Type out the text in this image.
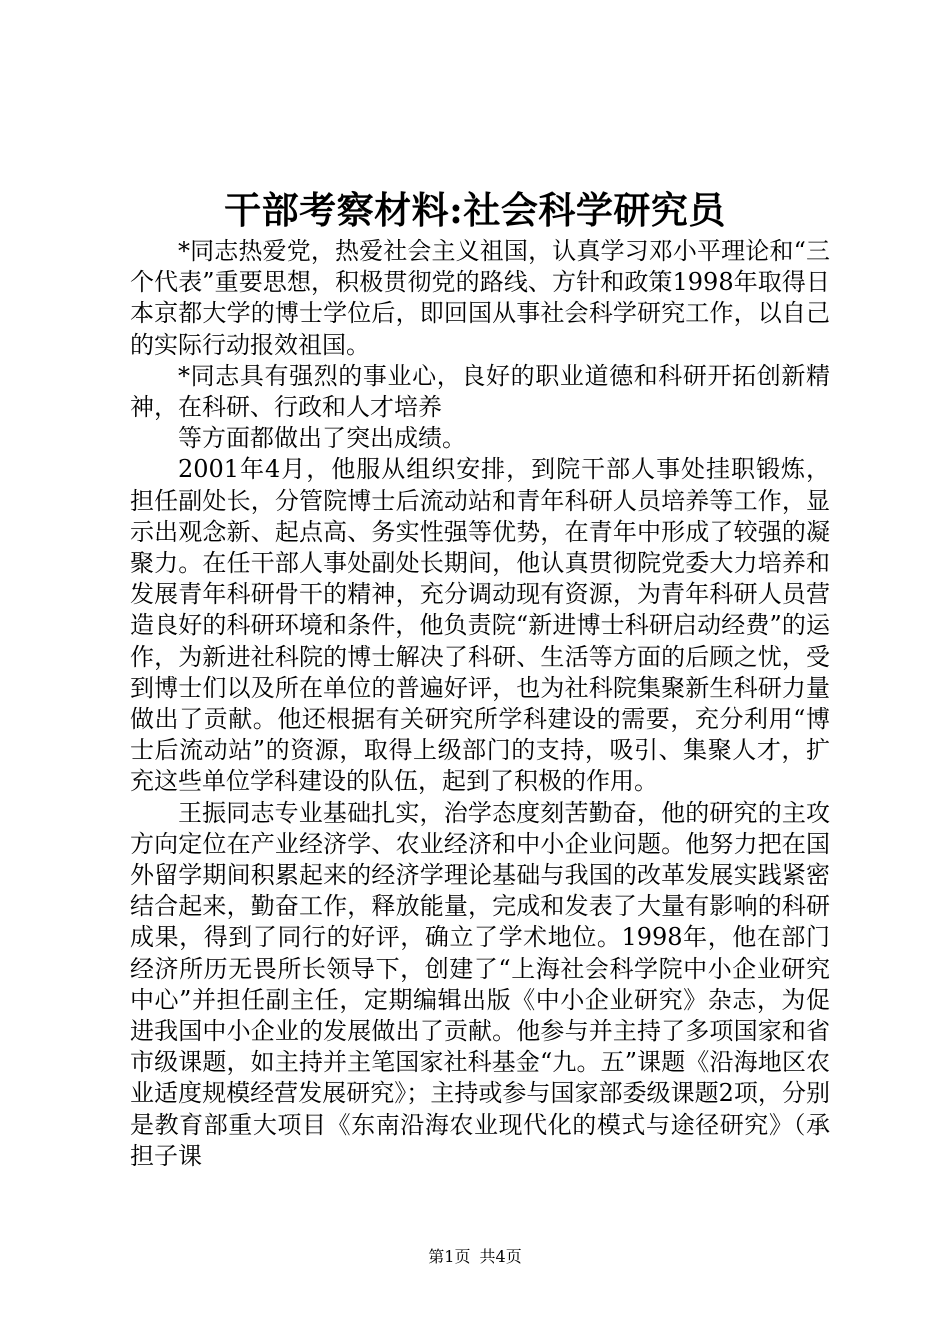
干部考察材料:社会科学研究员

*同志热爱党，热爱社会主义祖国，认真学习邓小平理论和“三个代表”重要思想，积极贯彻党的路线、方针和政策1998年取得日本京都大学的博士学位后，即回国从事社会科学研究工作，以自己的实际行动报效祖国。

*同志具有强烈的事业心，良好的职业道德和科研开拓创新精神，在科研、行政和人才培养

等方面都做出了突出成绩。

2001年4月，他服从组织安排，到院干部人事处挂职锻炼，担任副处长，分管院博士后流动站和青年科研人员培养等工作，显示出观念新、起点高、务实性强等优势，在青年中形成了较强的凝聚力。在任干部人事处副处长期间，他认真贯彻院党委大力培养和发展青年科研骨干的精神，充分调动现有资源，为青年科研人员营造良好的科研环境和条件，他负责院“新进博士科研启动经费”的运作，为新进社科院的博士解决了科研、生活等方面的后顾之忧，受到博士们以及所在单位的普遍好评，也为社科院集聚新生科研力量做出了贡献。他还根据有关研究所学科建设的需要，充分利用“博士后流动站”的资源，取得上级部门的支持，吸引、集聚人才，扩充这些单位学科建设的队伍，起到了积极的作用。

王振同志专业基础扎实，治学态度刻苦勤奋，他的研究的主攻方向定位在产业经济学、农业经济和中小企业问题。他努力把在国外留学期间积累起来的经济学理论基础与我国的改革发展实践紧密结合起来，勤奋工作，释放能量，完成和发表了大量有影响的科研成果，得到了同行的好评，确立了学术地位。1998年，他在部门经济所历无畏所长领导下，创建了“上海社会科学院中小企业研究中心”并担任副主任，定期编辑出版《中小企业研究》杂志，为促进我国中小企业的发展做出了贡献。他参与并主持了多项国家和省市级课题，如主持并主笔国家社科基金“九。五”课题《沿海地区农业适度规模经营发展研究》；主持或参与国家部委级课题2项，分别是教育部重大项目《东南沿海农业现代化的模式与途径研究》（承担子课

第1页 共4页
